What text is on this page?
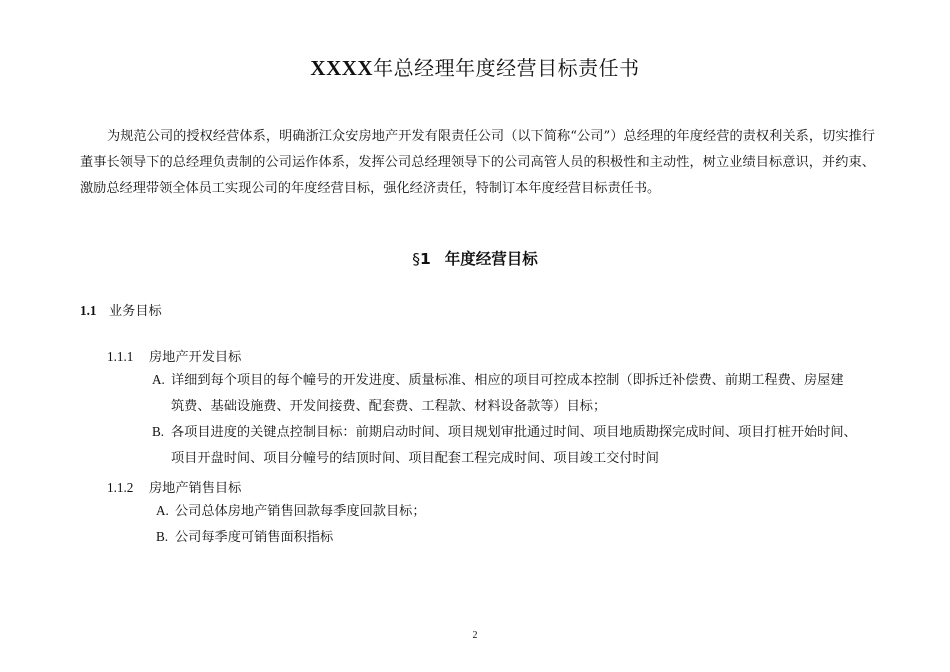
XXXX年总经理年度经营目标责任书
为规范公司的授权经营体系，明确浙江众安房地产开发有限责任公司（以下简称“公司”）总经理的年度经营的责权利关系，切实推行董事长领导下的总经理负责制的公司运作体系，发挥公司总经理领导下的公司高管人员的积极性和主动性，树立业绩目标意识，并约束、激励总经理带领全体员工实现公司的年度经营目标，强化经济责任，特制订本年度经营目标责任书。
§1 年度经营目标
1.1 业务目标
1.1.1 房地产开发目标
A. 详细到每个项目的每个幢号的开发进度、质量标准、相应的项目可控成本控制（即拆迁补偿费、前期工程费、房屋建
筑费、基础设施费、开发间接费、配套费、工程款、材料设备款等）目标；
B. 各项目进度的关键点控制目标：前期启动时间、项目规划审批通过时间、项目地质勘探完成时间、项目打桩开始时间、
项目开盘时间、项目分幢号的结顶时间、项目配套工程完成时间、项目竣工交付时间
1.1.2 房地产销售目标
A. 公司总体房地产销售回款每季度回款目标；
B. 公司每季度可销售面积指标
2
